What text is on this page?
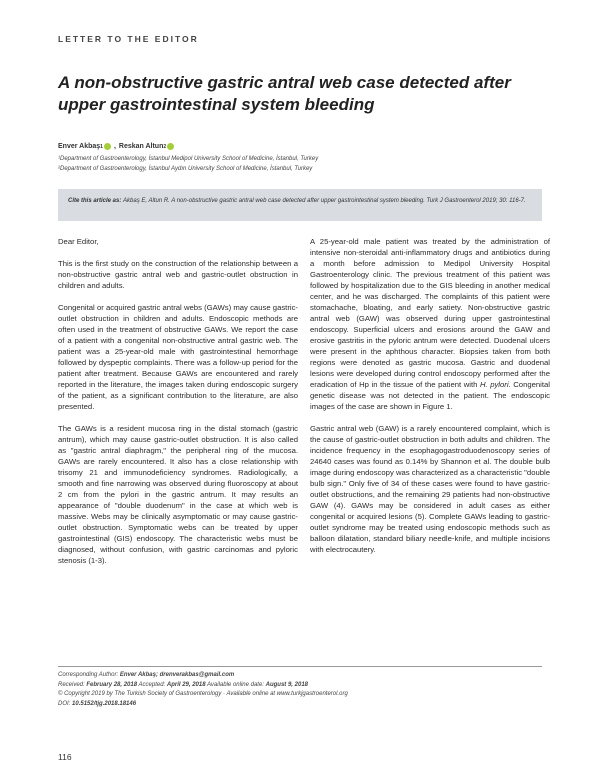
LETTER TO THE EDITOR
A non-obstructive gastric antral web case detected after upper gastrointestinal system bleeding
Enver Akbaş 1 , Reskan Altun 2
¹Department of Gastroenterology, İstanbul Medipol University School of Medicine, İstanbul, Turkey
²Department of Gastroenterology, İstanbul Aydın University School of Medicine, İstanbul, Turkey
Cite this article as: Akbaş E, Altun R. A non-obstructive gastric antral web case detected after upper gastrointestinal system bleeding. Turk J Gastroenterol 2019; 30: 116-7.

Dear Editor,

This is the first study on the construction of the relationship between a non-obstructive gastric antral web and gastric-outlet obstruction in children and adults.

Congenital or acquired gastric antral webs (GAWs) may cause gastric-outlet obstruction in children and adults. Endoscopic methods are often used in the treatment of obstructive GAWs. We report the case of a patient with a congenital non-obstructive antral gastric web. The patient was a 25-year-old male with gastrointestinal hemorrhage followed by dyspeptic complaints. There was a follow-up period for the patient after treatment. Because GAWs are encountered and rarely reported in the literature, the images taken during endoscopic surgery of the patient, as a significant contribution to the literature, are also presented.

The GAWs is a resident mucosa ring in the distal stomach (gastric antrum), which may cause gastric-outlet obstruction. It is also called as "gastric antral diaphragm," the peripheral ring of the mucosa. GAWs are rarely encountered. It also has a close relationship with trisomy 21 and immunodeficiency syndromes. Radiologically, a smooth and fine narrowing was observed during fluoroscopy at about 2 cm from the pylori in the gastric antrum. It may results an appearance of "double duodenum" in the case at which web is massive. Webs may be clinically asymptomatic or may cause gastric-outlet obstruction. Symptomatic webs can be treated by upper gastrointestinal (GIS) endoscopy. The characteristic webs must be diagnosed, without confusion, with gastric carcinomas and pyloric stenosis (1-3).

A 25-year-old male patient was treated by the administration of intensive non-steroidal anti-inflammatory drugs and antibiotics during a month before admission to Medipol University Hospital Gastroenterology clinic. The previous treatment of this patient was followed by hospitalization due to the GIS bleeding in another medical center, and he was discharged. The complaints of this patient were stomachache, bloating, and early satiety. Non-obstructive gastric antral web (GAW) was observed during upper gastrointestinal endoscopy. Superficial ulcers and erosions around the GAW and erosive gastritis in the pyloric antrum were detected. Duodenal ulcers were present in the aphthous character. Biopsies taken from both regions were denoted as gastric mucosa. Gastric and duodenal lesions were developed during control endoscopy performed after the eradication of Hp in the tissue of the patient with H. pylori. Congenital genetic disease was not detected in the patient. The endoscopic images of the case are shown in Figure 1.

Gastric antral web (GAW) is a rarely encountered complaint, which is the cause of gastric-outlet obstruction in both adults and children. The incidence frequency in the esophagogastroduodenoscopy series of 24640 cases was found as 0.14% by Shannon et al. The double bulb image during endoscopy was characterized as a characteristic "double bulb sign." Only five of 34 of these cases were found to have gastric-outlet obstructions, and the remaining 29 patients had non-obstructive GAW (4). GAWs may be considered in adult cases as either congenital or acquired lesions (5). Complete GAWs leading to gastric-outlet syndrome may be treated using endoscopic methods such as balloon dilatation, standard biliary needle-knife, and multiple incisions with electrocautery.

Corresponding Author: Enver Akbaş; drenverakbas@gmail.com
Received: February 28, 2018 Accepted: April 29, 2018 Available online date: August 9, 2018
© Copyright 2019 by The Turkish Society of Gastroenterology · Available online at www.turkjgastroenterol.org
DOI: 10.5152/tjg.2018.18146
116
